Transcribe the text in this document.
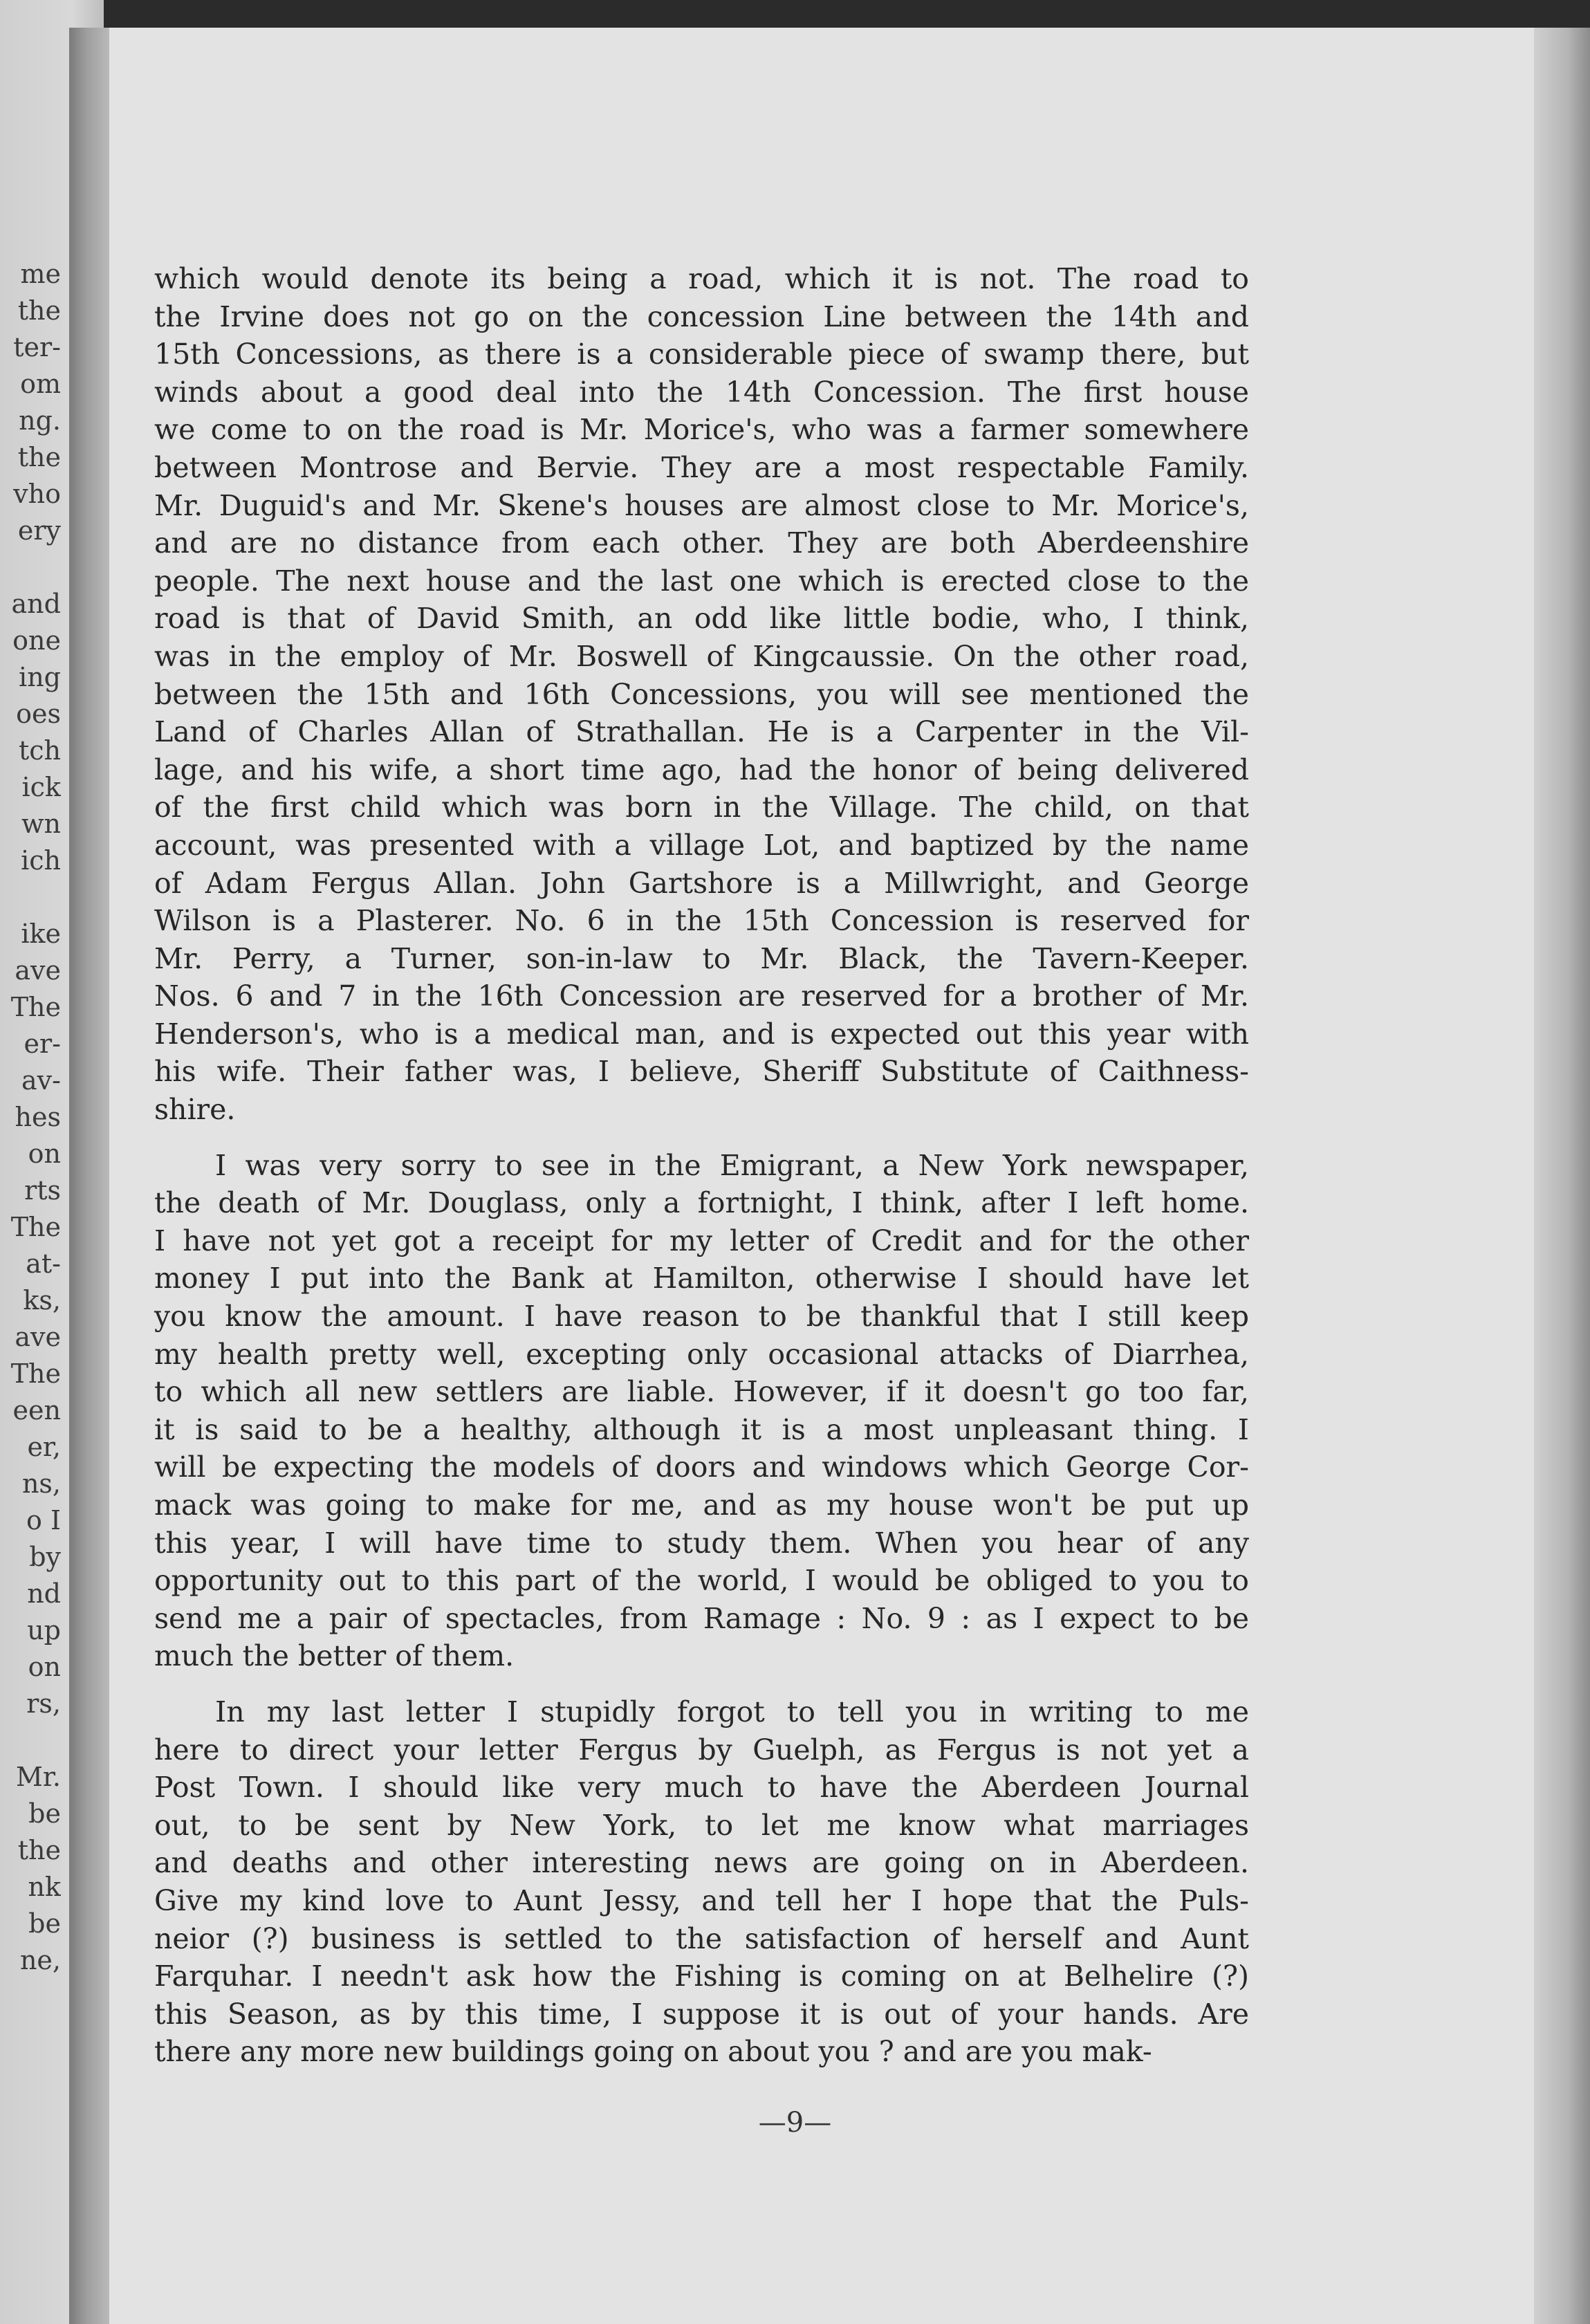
me
the
ter-
om
ng.
the
vho
ery
and
one
ing
oes
tch
ick
wn
ich
ike
ave
The
er-
av-
hes
on
rts
The
at-
ks,
ave
The
een
er,
ns,
o I
by
nd
up
on
rs,
Mr.
be
the
nk
be
ne,
which would denote its being a road, which it is not. The road to
the Irvine does not go on the concession Line between the 14th and
15th Concessions, as there is a considerable piece of swamp there, but
winds about a good deal into the 14th Concession. The first house
we come to on the road is Mr. Morice's, who was a farmer somewhere
between Montrose and Bervie. They are a most respectable Family.
Mr. Duguid's and Mr. Skene's houses are almost close to Mr. Morice's,
and are no distance from each other. They are both Aberdeenshire
people. The next house and the last one which is erected close to the
road is that of David Smith, an odd like little bodie, who, I think,
was in the employ of Mr. Boswell of Kingcaussie. On the other road,
between the 15th and 16th Concessions, you will see mentioned the
Land of Charles Allan of Strathallan. He is a Carpenter in the Vil-
lage, and his wife, a short time ago, had the honor of being delivered
of the first child which was born in the Village. The child, on that
account, was presented with a village Lot, and baptized by the name
of Adam Fergus Allan. John Gartshore is a Millwright, and George
Wilson is a Plasterer. No. 6 in the 15th Concession is reserved for
Mr. Perry, a Turner, son-in-law to Mr. Black, the Tavern-Keeper.
Nos. 6 and 7 in the 16th Concession are reserved for a brother of Mr.
Henderson's, who is a medical man, and is expected out this year with
his wife. Their father was, I believe, Sheriff Substitute of Caithness-
shire.
I was very sorry to see in the Emigrant, a New York newspaper,
the death of Mr. Douglass, only a fortnight, I think, after I left home.
I have not yet got a receipt for my letter of Credit and for the other
money I put into the Bank at Hamilton, otherwise I should have let
you know the amount. I have reason to be thankful that I still keep
my health pretty well, excepting only occasional attacks of Diarrhea,
to which all new settlers are liable. However, if it doesn't go too far,
it is said to be a healthy, although it is a most unpleasant thing. I
will be expecting the models of doors and windows which George Cor-
mack was going to make for me, and as my house won't be put up
this year, I will have time to study them. When you hear of any
opportunity out to this part of the world, I would be obliged to you to
send me a pair of spectacles, from Ramage : No. 9 : as I expect to be
much the better of them.
In my last letter I stupidly forgot to tell you in writing to me
here to direct your letter Fergus by Guelph, as Fergus is not yet a
Post Town. I should like very much to have the Aberdeen Journal
out, to be sent by New York, to let me know what marriages
and deaths and other interesting news are going on in Aberdeen.
Give my kind love to Aunt Jessy, and tell her I hope that the Puls-
neior (?) business is settled to the satisfaction of herself and Aunt
Farquhar. I needn't ask how the Fishing is coming on at Belhelire (?)
this Season, as by this time, I suppose it is out of your hands. Are
there any more new buildings going on about you ? and are you mak-
—9—
